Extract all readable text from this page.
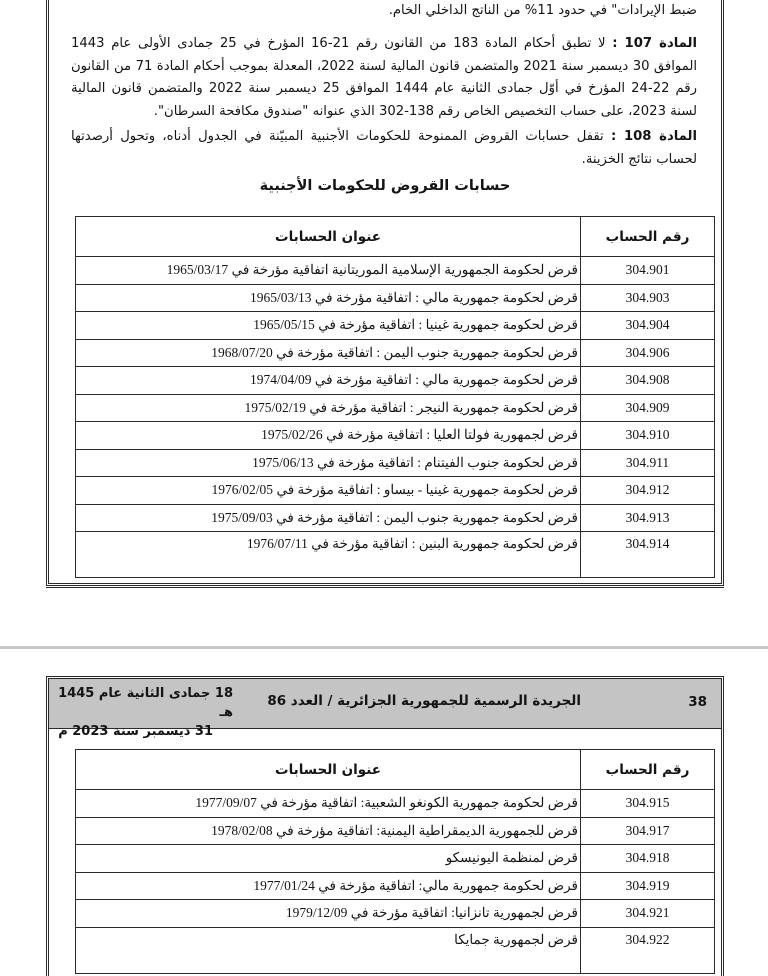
ضبط الإيرادات" في حدود 11% من الناتج الداخلي الخام.

المادة 107 : لا تطبق أحكام المادة 183 من القانون رقم 21-16 المؤرخ في 25 جمادى الأولى عام 1443 الموافق 30 ديسمبر سنة 2021 والمتضمن قانون المالية لسنة 2022، المعدلة بموجب أحكام المادة 71 من القانون رقم 22-24 المؤرخ في أوّل جمادى الثانية عام 1444 الموافق 25 ديسمبر سنة 2022 والمتضمن قانون المالية لسنة 2023، على حساب التخصيص الخاص رقم 138-302 الذي عنوانه "صندوق مكافحة السرطان".

المادة 108 : تقفل حسابات القروض الممنوحة للحكومات الأجنبية المبيّنة في الجدول أدناه، وتحول أرصدتها لحساب نتائج الخزينة.

حسابات القروض للحكومات الأجنبية
رقم الحساب	عنوان الحسابات
304.901	قرض لحكومة الجمهورية الإسلامية الموريتانية اتفاقية مؤرخة في 1965/03/17
304.903	قرض لحكومة جمهورية مالي : اتفاقية مؤرخة في 1965/03/13
304.904	قرض لحكومة جمهورية غينيا : اتفاقية مؤرخة في 1965/05/15
304.906	قرض لحكومة جمهورية جنوب اليمن : اتفاقية مؤرخة في 1968/07/20
304.908	قرض لحكومة جمهورية مالي : اتفاقية مؤرخة في 1974/04/09
304.909	قرض لحكومة جمهورية النيجر : اتفاقية مؤرخة في 1975/02/19
304.910	قرض لجمهورية فولتا العليا : اتفاقية مؤرخة في 1975/02/26
304.911	قرض لحكومة جنوب الفيتنام : اتفاقية مؤرخة في 1975/06/13
304.912	قرض لحكومة جمهورية غينيا - بيساو : اتفاقية مؤرخة في 1976/02/05
304.913	قرض لحكومة جمهورية جنوب اليمن : اتفاقية مؤرخة في 1975/09/03
304.914	قرض لحكومة جمهورية البنين : اتفاقية مؤرخة في 1976/07/11
38
الجريدة الرسمية للجمهورية الجزائرية / العدد 86
18 جمادى الثانية عام 1445 هـ
31 ديسمبر سنة 2023 م
رقم الحساب	عنوان الحسابات
304.915	قرض لحكومة جمهورية الكونغو الشعبية: اتفاقية مؤرخة في 1977/09/07
304.917	قرض للجمهورية الديمقراطية اليمنية: اتفاقية مؤرخة في 1978/02/08
304.918	قرض لمنظمة اليونيسكو
304.919	قرض لحكومة جمهورية مالي: اتفاقية مؤرخة في 1977/01/24
304.921	قرض لجمهورية تانزانيا: اتفاقية مؤرخة في 1979/12/09
304.922	قرض لجمهورية جمايكا
